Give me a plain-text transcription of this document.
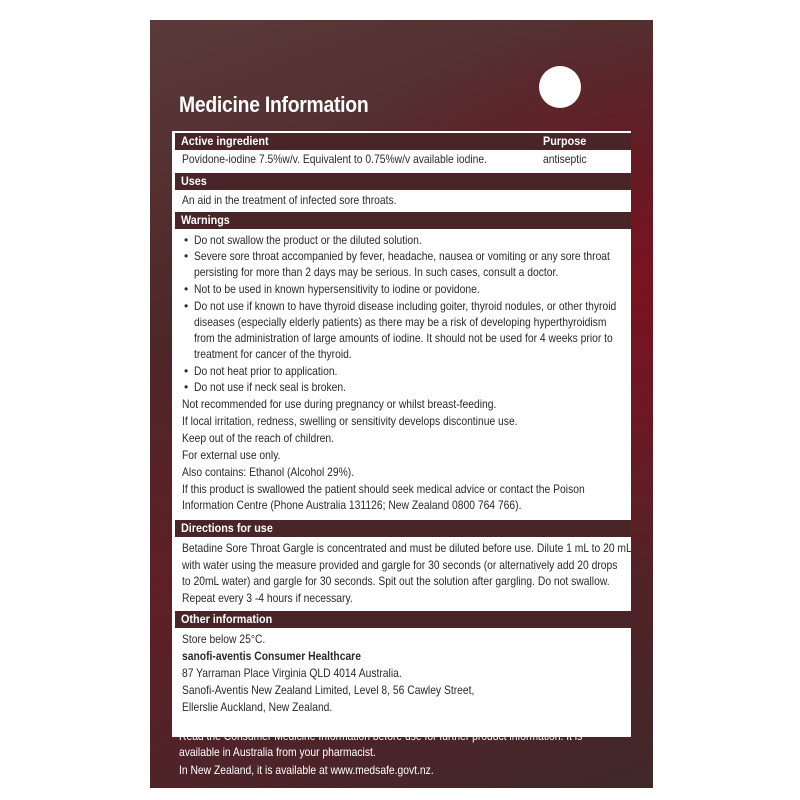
Medicine Information
Active ingredient	Purpose
Povidone-iodine 7.5%w/v. Equivalent to 0.75%w/v available iodine.	antiseptic
Uses
An aid in the treatment of infected sore throats.
Warnings
• Do not swallow the product or the diluted solution.
• Severe sore throat accompanied by fever, headache, nausea or vomiting or any sore throat
persisting for more than 2 days may be serious. In such cases, consult a doctor.
• Not to be used in known hypersensitivity to iodine or povidone.
• Do not use if known to have thyroid disease including goiter, thyroid nodules, or other thyroid
diseases (especially elderly patients) as there may be a risk of developing hyperthyroidism
from the administration of large amounts of iodine. It should not be used for 4 weeks prior to
treatment for cancer of the thyroid.
• Do not heat prior to application.
• Do not use if neck seal is broken.
Not recommended for use during pregnancy or whilst breast-feeding.
If local irritation, redness, swelling or sensitivity develops discontinue use.
Keep out of the reach of children.
For external use only.
Also contains: Ethanol (Alcohol 29%).
If this product is swallowed the patient should seek medical advice or contact the Poison
Information Centre (Phone Australia 131126; New Zealand 0800 764 766).
Directions for use
Betadine Sore Throat Gargle is concentrated and must be diluted before use. Dilute 1 mL to 20 mL
with water using the measure provided and gargle for 30 seconds (or alternatively add 20 drops
to 20mL water) and gargle for 30 seconds. Spit out the solution after gargling. Do not swallow.
Repeat every 3 -4 hours if necessary.
Other information
Store below 25°C.
sanofi-aventis Consumer Healthcare
87 Yarraman Place Virginia QLD 4014 Australia.
Sanofi-Aventis New Zealand Limited, Level 8, 56 Cawley Street,
Ellerslie Auckland, New Zealand.
Read the Consumer Medicine Information before use for further product information. It is
available in Australia from your pharmacist.
In New Zealand, it is available at www.medsafe.govt.nz.
